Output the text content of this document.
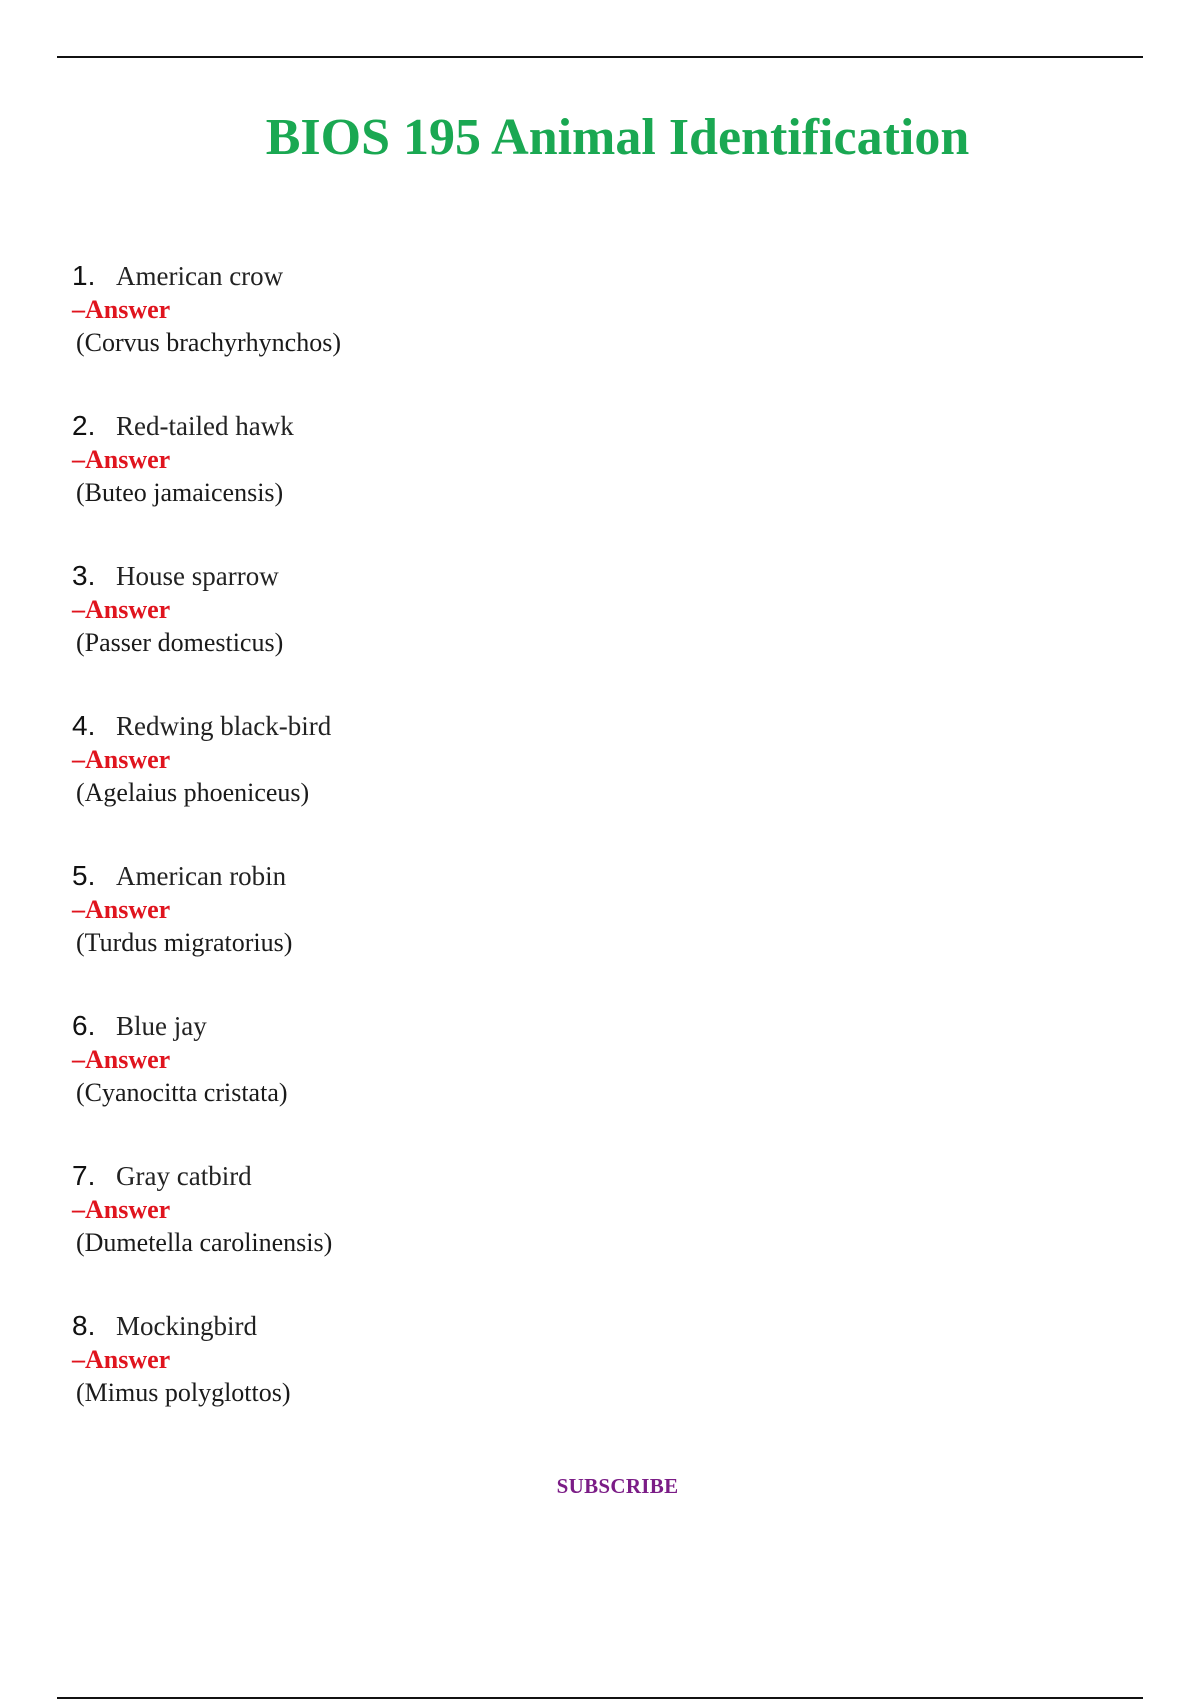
BIOS 195 Animal Identification
1. American crow
–Answer
(Corvus brachyrhynchos)
2. Red-tailed hawk
–Answer
(Buteo jamaicensis)
3. House sparrow
–Answer
(Passer domesticus)
4. Redwing black-bird
–Answer
(Agelaius phoeniceus)
5. American robin
–Answer
(Turdus migratorius)
6. Blue jay
–Answer
(Cyanocitta cristata)
7. Gray catbird
–Answer
(Dumetella carolinensis)
8. Mockingbird
–Answer
(Mimus polyglottos)
SUBSCRIBE
